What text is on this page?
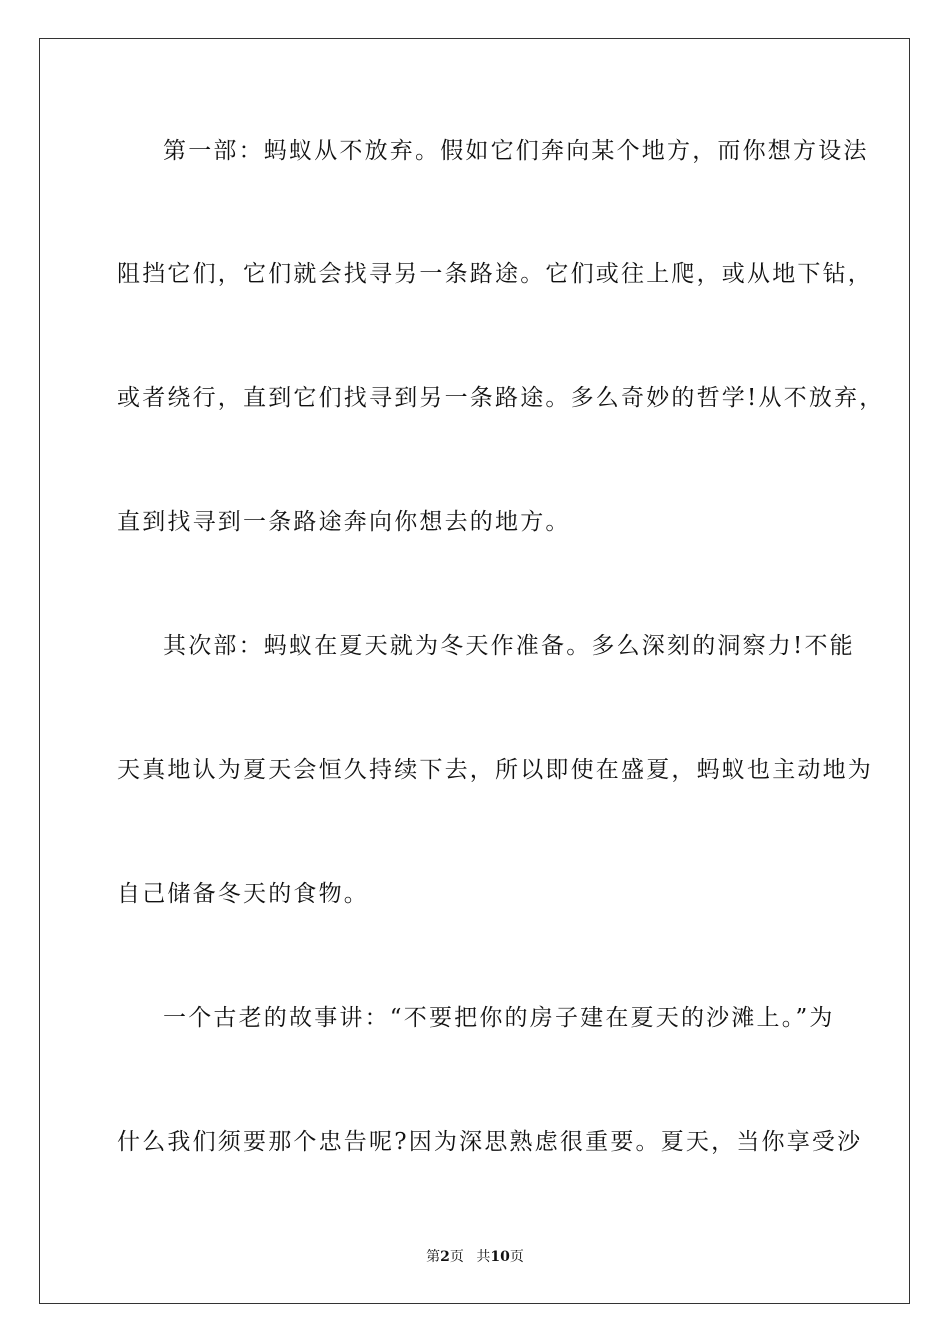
第一部：蚂蚁从不放弃。假如它们奔向某个地方，而你想方设法
阻挡它们，它们就会找寻另一条路途。它们或往上爬，或从地下钻，
或者绕行，直到它们找寻到另一条路途。多么奇妙的哲学!从不放弃，
直到找寻到一条路途奔向你想去的地方。
其次部：蚂蚁在夏天就为冬天作准备。多么深刻的洞察力!不能
天真地认为夏天会恒久持续下去，所以即使在盛夏，蚂蚁也主动地为
自己储备冬天的食物。
一个古老的故事讲：“不要把你的房子建在夏天的沙滩上。”为
什么我们须要那个忠告呢?因为深思熟虑很重要。夏天，当你享受沙
第2页 共10页
